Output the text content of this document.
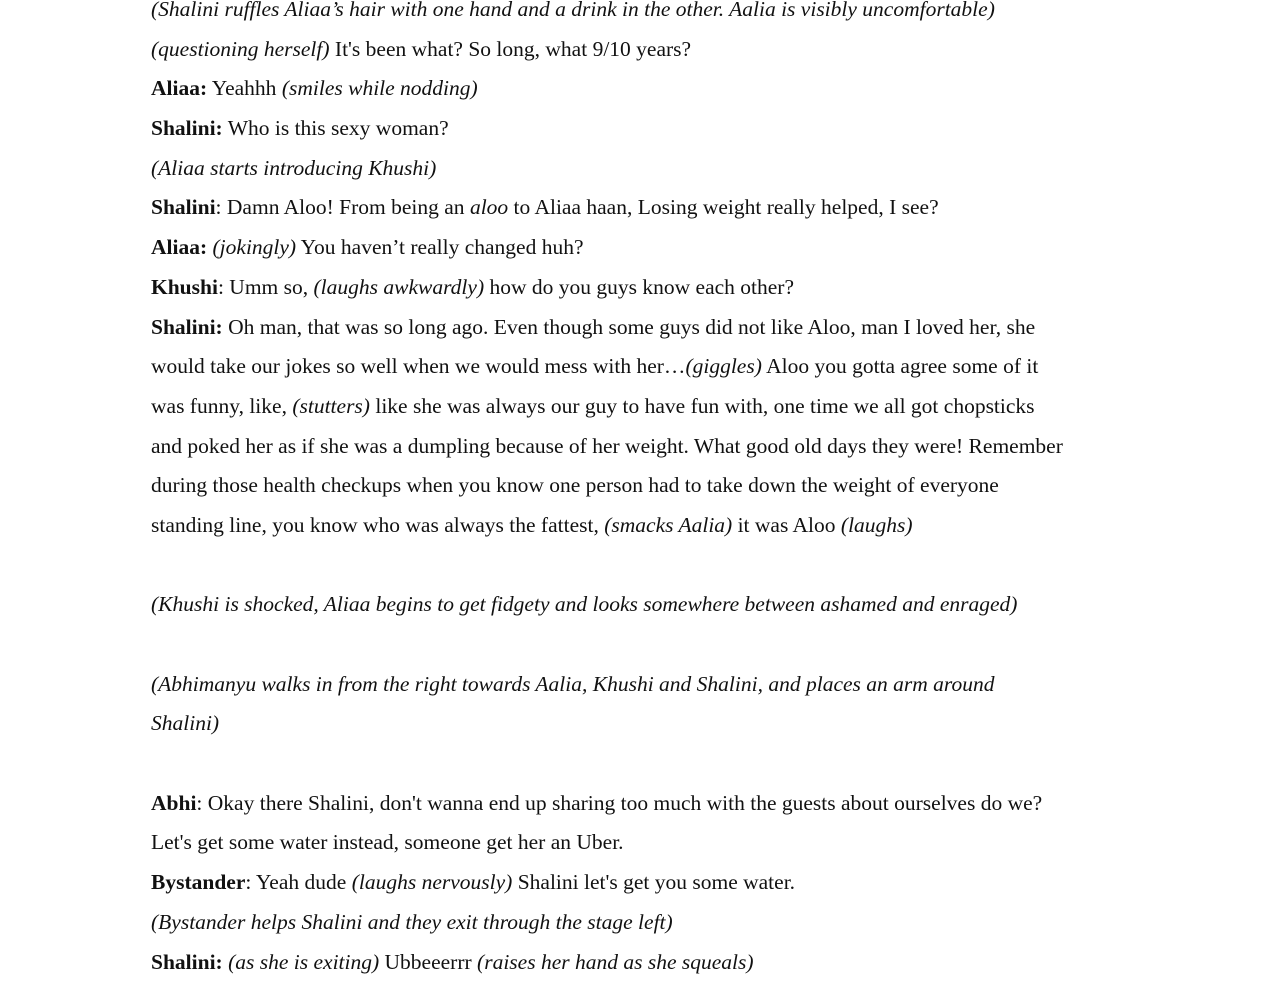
(Shalini ruffles Aliaa’s hair with one hand and a drink in the other. Aalia is visibly uncomfortable)
(questioning herself) It's been what? So long, what 9/10 years?
Aliaa: Yeahhh (smiles while nodding)
Shalini: Who is this sexy woman?
(Aliaa starts introducing Khushi)
Shalini: Damn Aloo! From being an aloo to Aliaa haan, Losing weight really helped, I see?
Aliaa: (jokingly) You haven’t really changed huh?
Khushi: Umm so, (laughs awkwardly) how do you guys know each other?
Shalini: Oh man, that was so long ago. Even though some guys did not like Aloo, man I loved her, she
would take our jokes so well when we would mess with her…(giggles) Aloo you gotta agree some of it
was funny, like, (stutters) like she was always our guy to have fun with, one time we all got chopsticks
and poked her as if she was a dumpling because of her weight. What good old days they were! Remember
during those health checkups when you know one person had to take down the weight of everyone
standing line, you know who was always the fattest, (smacks Aalia) it was Aloo (laughs)
(Khushi is shocked, Aliaa begins to get fidgety and looks somewhere between ashamed and enraged)
(Abhimanyu walks in from the right towards Aalia, Khushi and Shalini, and places an arm around
Shalini)
Abhi: Okay there Shalini, don't wanna end up sharing too much with the guests about ourselves do we?
Let's get some water instead, someone get her an Uber.
Bystander: Yeah dude (laughs nervously) Shalini let's get you some water.
(Bystander helps Shalini and they exit through the stage left)
Shalini: (as she is exiting) Ubbeeerrr (raises her hand as she squeals)
